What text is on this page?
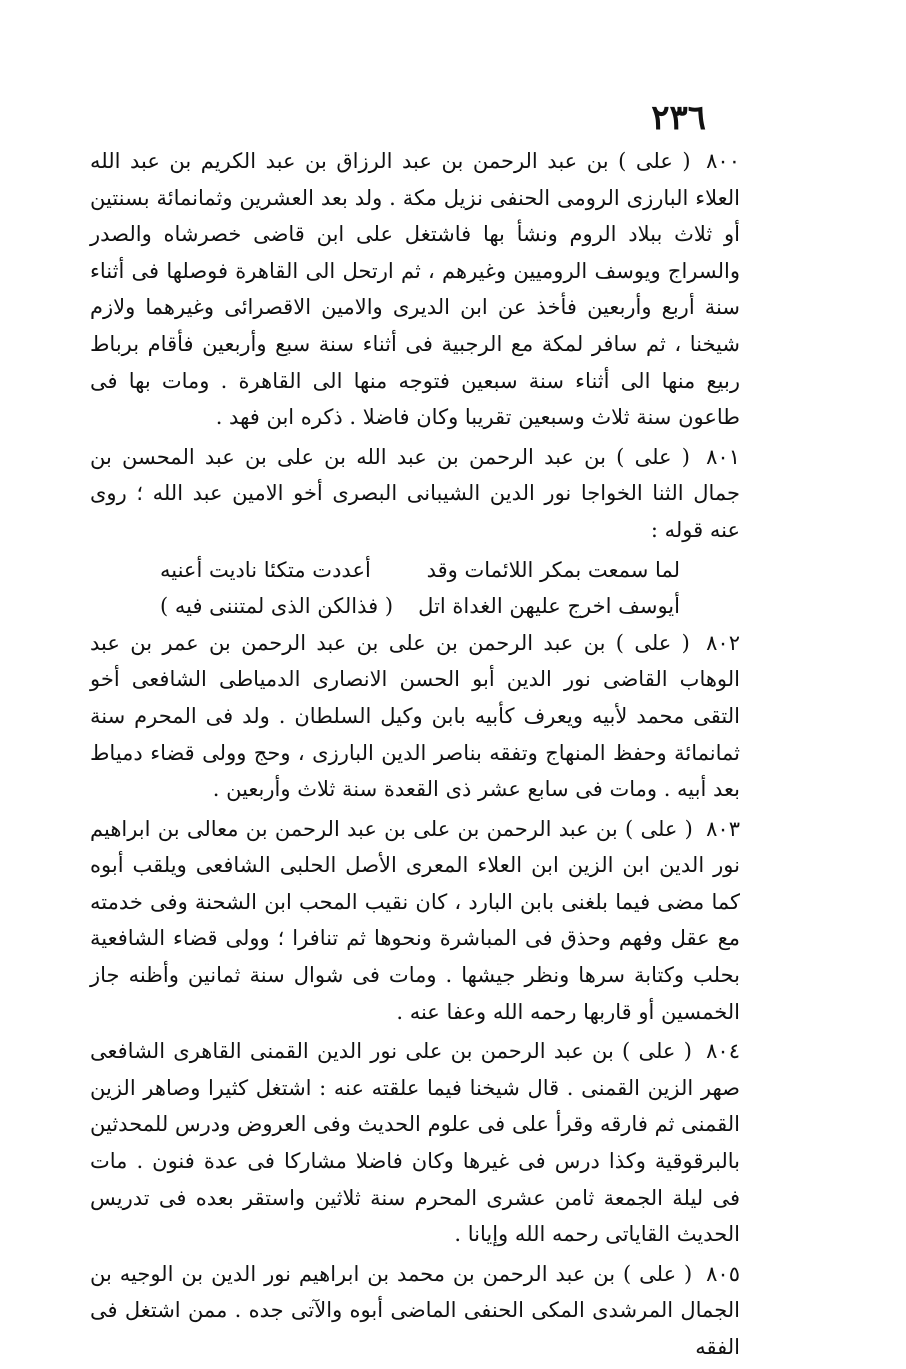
٢٣٦

٨٠٠ ( على ) بن عبد الرحمن بن عبد الرزاق بن عبد الكريم بن عبد الله العلاء البارزى الرومى الحنفى نزيل مكة . ولد بعد العشرين وثمانمائة بسنتين أو ثلاث ببلاد الروم ونشأ بها فاشتغل على ابن قاضى خصرشاه والصدر والسراج ويوسف الروميين وغيرهم ، ثم ارتحل الى القاهرة فوصلها فى أثناء سنة أربع وأربعين فأخذ عن ابن الديرى والامين الاقصرائى وغيرهما ولازم شيخنا ، ثم سافر لمكة مع الرجبية فى أثناء سنة سبع وأربعين فأقام برباط ربيع منها الى أثناء سنة سبعين فتوجه منها الى القاهرة . ومات بها فى طاعون سنة ثلاث وسبعين تقريبا وكان فاضلا . ذكره ابن فهد .

٨٠١ ( على ) بن عبد الرحمن بن عبد الله بن على بن عبد المحسن بن جمال الثنا الخواجا نور الدين الشيبانى البصرى أخو الامين عبد الله ؛ روى عنه قوله :

لما سمعت بمكر اللائمات وقد
أعددت متكئا ناديت أعنيه
أيوسف اخرج عليهن الغداة اتل
( فذالكن الذى لمتننى فيه )

٨٠٢ ( على ) بن عبد الرحمن بن على بن عبد الرحمن بن عمر بن عبد الوهاب القاضى نور الدين أبو الحسن الانصارى الدمياطى الشافعى أخو التقى محمد لأبيه ويعرف كأبيه بابن وكيل السلطان . ولد فى المحرم سنة ثمانمائة وحفظ المنهاج وتفقه بناصر الدين البارزى ، وحج وولى قضاء دمياط بعد أبيه . ومات فى سابع عشر ذى القعدة سنة ثلاث وأربعين .

٨٠٣ ( على ) بن عبد الرحمن بن على بن عبد الرحمن بن معالى بن ابراهيم نور الدين ابن الزين ابن العلاء المعرى الأصل الحلبى الشافعى ويلقب أبوه كما مضى فيما بلغنى بابن البارد ، كان نقيب المحب ابن الشحنة وفى خدمته مع عقل وفهم وحذق فى المباشرة ونحوها ثم تنافرا ؛ وولى قضاء الشافعية بحلب وكتابة سرها ونظر جيشها . ومات فى شوال سنة ثمانين وأظنه جاز الخمسين أو قاربها رحمه الله وعفا عنه .

٨٠٤ ( على ) بن عبد الرحمن بن على نور الدين القمنى القاهرى الشافعى صهر الزين القمنى . قال شيخنا فيما علقته عنه : اشتغل كثيرا وصاهر الزين القمنى ثم فارقه وقرأ على فى علوم الحديث وفى العروض ودرس للمحدثين بالبرقوقية وكذا درس فى غيرها وكان فاضلا مشاركا فى عدة فنون . مات فى ليلة الجمعة ثامن عشرى المحرم سنة ثلاثين واستقر بعده فى تدريس الحديث القاياتى رحمه الله وإيانا .

٨٠٥ ( على ) بن عبد الرحمن بن محمد بن ابراهيم نور الدين بن الوجيه بن الجمال المرشدى المكى الحنفى الماضى أبوه والآتى جده . ممن اشتغل فى الفقه
